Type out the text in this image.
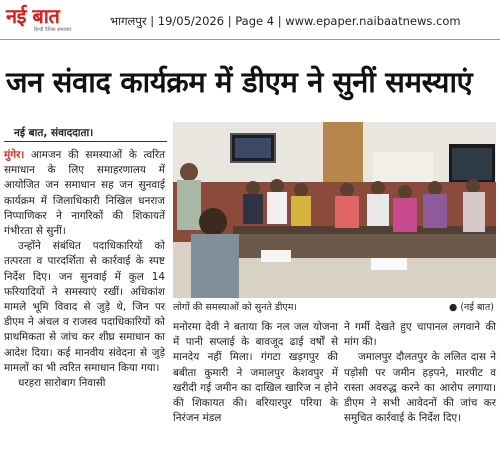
नई बात
हिन्दी दैनिक समाचार
भागलपुर | 19/05/2026 | Page 4 | www.epaper.naibaatnews.com
जन संवाद कार्यक्रम में डीएम ने सुनीं समस्याएं
नई बात, संवाददाता।

मुंगेर। आमजन की समस्याओं के त्वरित समाधान के लिए समाहरणालय में आयोजित जन समाधान सह जन सुनवाई कार्यक्रम में जिलाधिकारी निखिल धनराज निप्पाणिकर ने नागरिकों की शिकायतें गंभीरता से सुनीं।

उन्होंने संबंधित पदाधिकारियों को तत्परता व पारदर्शिता से कार्रवाई के स्पष्ट निर्देश दिए। जन सुनवाई में कुल 14 फरियादियों ने समस्याएं रखीं। अधिकांश मामले भूमि विवाद से जुड़े थे, जिन पर डीएम ने अंचल व राजस्व पदाधिकारियों को प्राथमिकता से जांच कर शीघ्र समाधान का आदेश दिया। कई मानवीय संवेदना से जुड़े मामलों का भी त्वरित समाधान किया गया।

धरहरा सारोबाग निवासी

लोगों की समस्याओं को सुनते डीएम।	● (नई बात)

मनोरमा देवी ने बताया कि नल जल योजना में पानी सप्लाई के बावजूद ढाई वर्षों से मानदेय नहीं मिला। गंगटा खड़गपुर की बबीता कुमारी ने जमालपुर केशवपुर में खरीदी गई जमीन का दाखिल खारिज न होने की शिकायत की। बरियारपुर परिया के निरंजन मंडल

ने गर्मी देखते हुए चापानल लगवाने की मांग की।

जमालपुर दौलतपुर के ललित दास ने पड़ोसी पर जमीन हड़पने, मारपीट व रास्ता अवरुद्ध करने का आरोप लगाया। डीएम ने सभी आवेदनों की जांच कर समुचित कार्रवाई के निर्देश दिए।
